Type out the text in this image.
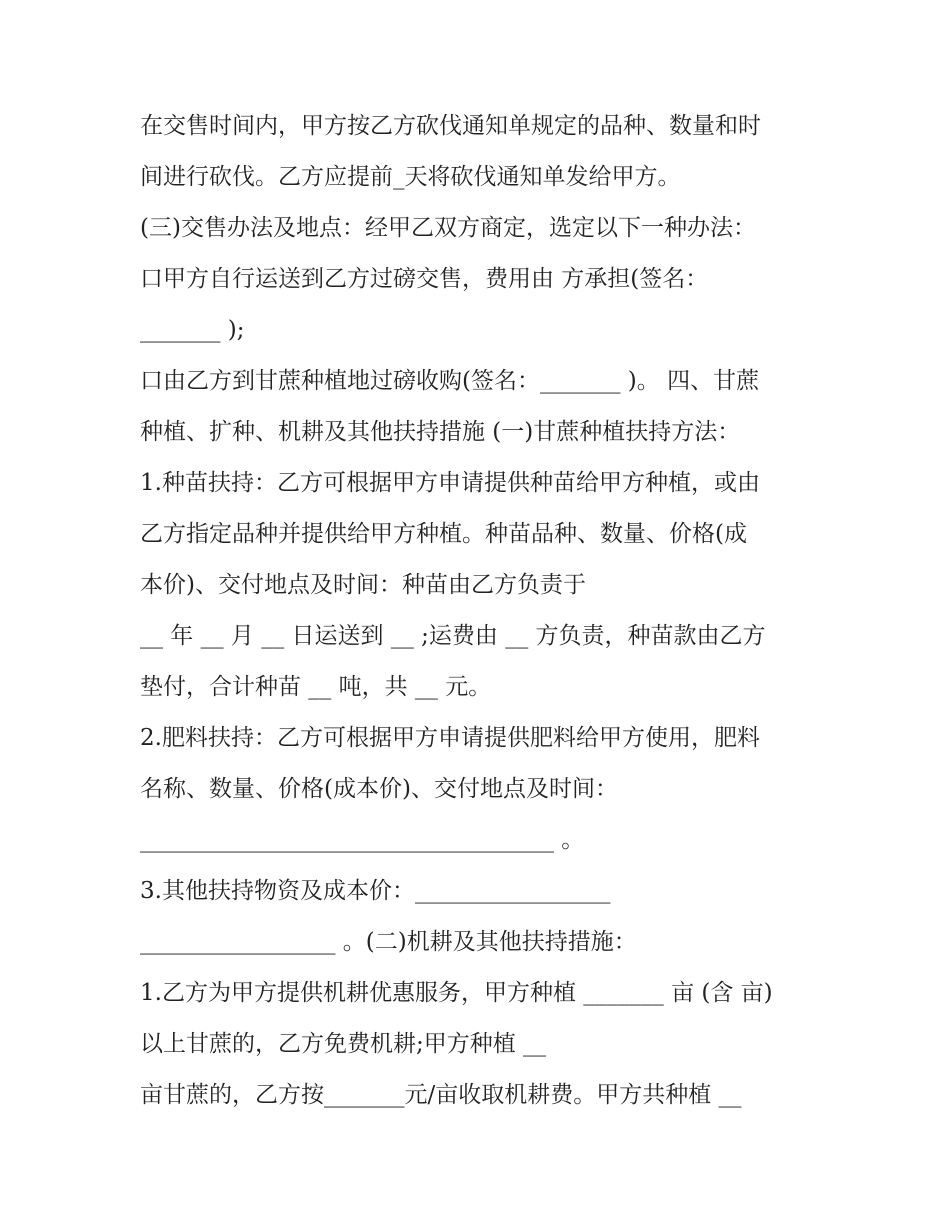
在交售时间内，甲方按乙方砍伐通知单规定的品种、数量和时
间进行砍伐。乙方应提前_天将砍伐通知单发给甲方。
(三)交售办法及地点：经甲乙双方商定，选定以下一种办法：
口甲方自行运送到乙方过磅交售，费用由 方承担(签名：
_______ );
口由乙方到甘蔗种植地过磅收购(签名：_______ )。 四、甘蔗
种植、扩种、机耕及其他扶持措施 (一)甘蔗种植扶持方法：
1.种苗扶持：乙方可根据甲方申请提供种苗给甲方种植，或由
乙方指定品种并提供给甲方种植。种苗品种、数量、价格(成
本价)、交付地点及时间：种苗由乙方负责于
__ 年 __ 月 __ 日运送到 __ ;运费由 __ 方负责，种苗款由乙方
垫付，合计种苗 __ 吨，共 __ 元。
2.肥料扶持：乙方可根据甲方申请提供肥料给甲方使用，肥料
名称、数量、价格(成本价)、交付地点及时间：
____________________________________ 。
3.其他扶持物资及成本价：_________________
_________________ 。(二)机耕及其他扶持措施：
1.乙方为甲方提供机耕优惠服务，甲方种植 _______ 亩 (含 亩)
以上甘蔗的，乙方免费机耕;甲方种植 __
亩甘蔗的，乙方按_______元/亩收取机耕费。甲方共种植 __
